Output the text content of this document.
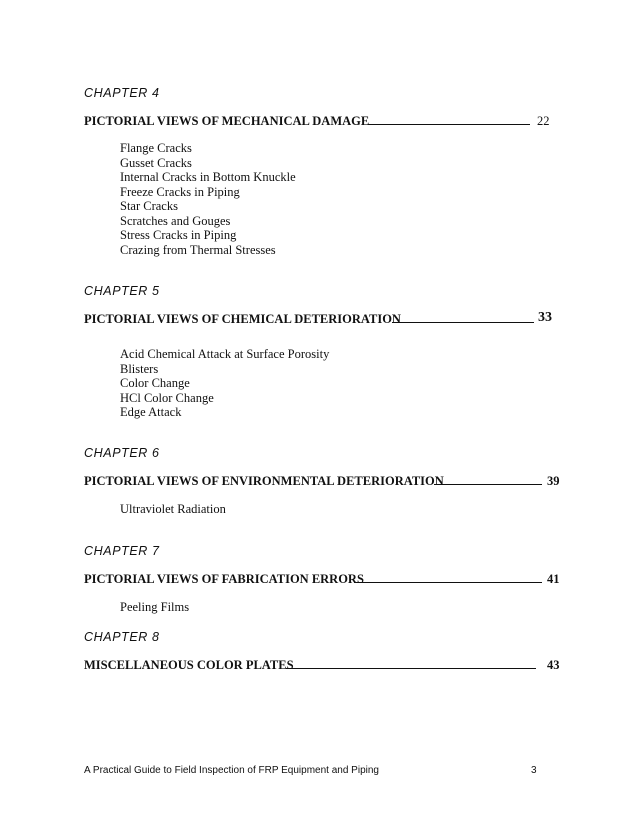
CHAPTER 4
PICTORIAL VIEWS OF MECHANICAL DAMAGE	22
Flange Cracks
Gusset Cracks
Internal Cracks in Bottom Knuckle
Freeze Cracks in Piping
Star Cracks
Scratches and Gouges
Stress Cracks in Piping
Crazing from Thermal Stresses
CHAPTER 5
PICTORIAL VIEWS OF CHEMICAL DETERIORATION	33
Acid Chemical Attack at Surface Porosity
Blisters
Color Change
HCl Color Change
Edge Attack
CHAPTER 6
PICTORIAL VIEWS OF ENVIRONMENTAL DETERIORATION	39
Ultraviolet Radiation
CHAPTER 7
PICTORIAL VIEWS OF FABRICATION ERRORS	41
Peeling Films
CHAPTER 8
MISCELLANEOUS COLOR PLATES	43
A Practical Guide to Field Inspection of FRP Equipment and Piping	3
